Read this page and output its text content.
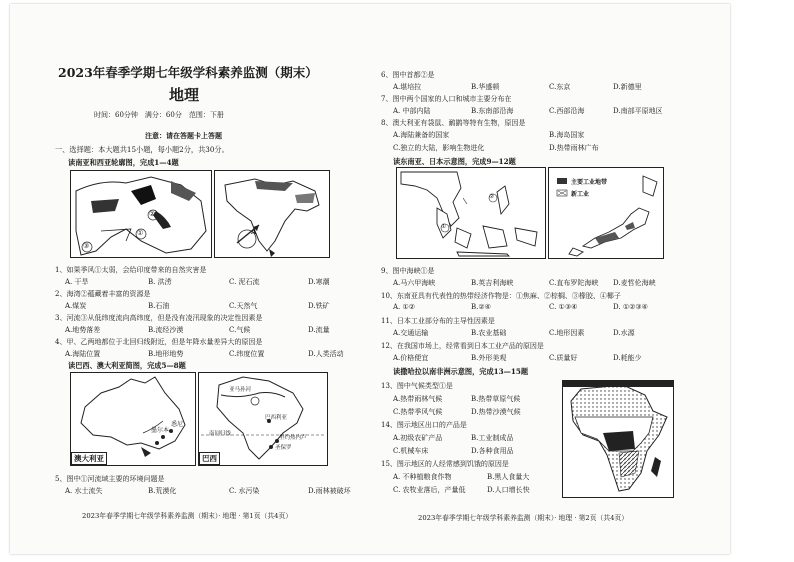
2023年春季学期七年级学科素养监测（期末）
地理
时间：60分钟　满分：60分　范围：下册
注意：请在答题卡上答题
一、选择题：本大题共15小题，每小题2分，共30分。
读南亚和西亚轮廓图，完成1—4题
①
②
③
A
1、如果季风①太弱，会给印度带来的自然灾害是
A. 干旱	B. 洪涝	C. 泥石流	D.寒潮
2、海湾②蕴藏着丰富的资源是
A.煤炭	B.石油	C.天然气	D.铁矿
3、河流③从低纬度流向高纬度，但是没有凌汛现象的决定性因素是
A.地势落差	B.流经沙漠	C.气候	D.流量
4、甲、乙两地都位于北回归线附近，但是年降水量差异大的原因是
A.海陆位置	B.地形地势	C.纬度位置	D.人类活动
读巴西、澳大利亚简图，完成5—8题
墨尔本
悉尼
澳大利亚
巴西利亚
南回归线
里约热内卢
圣保罗
亚马孙河
巴西
5、图中①河流域主要的环境问题是
A. 水土流失	B.荒漠化	C. 水污染	D.雨林被破坏
2023年春季学期七年级学科素养监测（期末）· 地理 · 第1页（共4页）
6、图中首都②是
A.堪培拉	B.华盛顿	C.东京	D.新德里
7、图中两个国家的人口和城市主要分布在
A. 中部内陆	B.东南部沿海	C.西部沿海	D.南部平原地区
8、澳大利亚有袋鼠、鸸鹋等特有生物，原因是
A.海陆兼备的国家	B.海岛国家
C.独立的大陆，影响生物进化	D.热带雨林广布
读东南亚、日本示意图，完成9—12题
①
②
主要工业地带
新工业
9、图中海峡①是
A.马六甲海峡	B.英吉利海峡	C.直布罗陀海峡 D.麦哲伦海峡
10、东南亚具有代表性的热带经济作物是：①焦麻、②棕榈、③橡胶、④椰子
A. ①②	B.②④	C. ①③④	D. ①②③④
11、日本工业部分布的主导性因素是
A.交通运输	B.农业基础	C.地形因素	D.水源
12、在我国市场上，经常看到日本工业产品的原因是
A.价格便宜	B.外形美观	C.质量好	D.耗能少
读撒哈拉以南非洲示意图，完成13—15题
13、图中气候类型①是
A.热带雨林气候	B.热带草原气候
C.热带季风气候	D.热带沙漠气候
14、图示地区出口的产品是
A.初级农矿产品	B.工业制成品
C.机械车床	D.各种食用品
15、图示地区的人经常感到饥饿的原因是
A. 不种植粮食作物	B.黑人食量大
C. 农牧业落后，产量低	D.人口增长快
2023年春季学期七年级学科素养监测（期末）· 地理 · 第2页（共4页）
